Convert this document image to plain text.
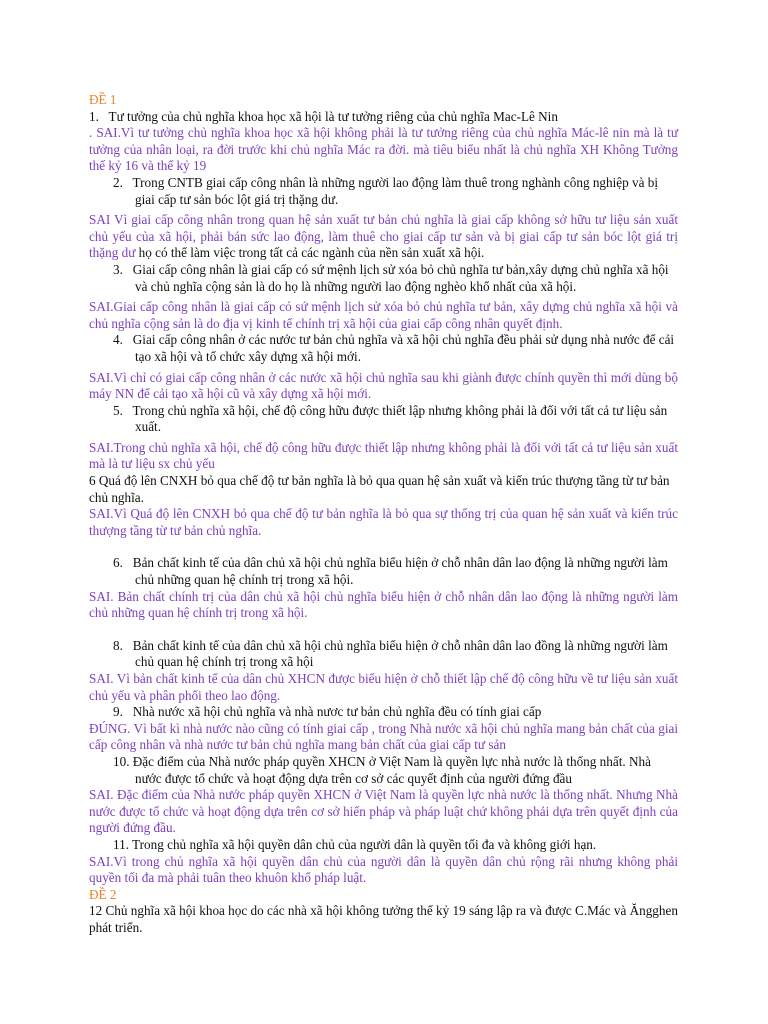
ĐỀ 1

1.   Tư tưởng của chủ nghĩa khoa học xã hội là tư tưởng riêng của chủ nghĩa Mac-Lê Nin

. SAI.Vì tư tưởng chủ nghĩa khoa học xã hội không phải là tư tưởng riêng của chủ nghĩa Mác-lê nin mà là tư tưởng của nhân loại, ra đời trước khi chủ nghĩa Mác ra đời. mà tiêu biểu nhất là chủ nghĩa XH Không Tưởng thế kỷ 16 và thế kỷ 19

2.   Trong CNTB giai cấp công nhân là những người lao động làm thuê trong nghành công nghiệp và bị giai cấp tư sản bóc lột giá trị thặng dư.

SAI Vì giai cấp công nhân trong quan hệ sản xuất tư bản chủ nghĩa là giai cấp không sở hữu tư liệu sản xuất chủ yếu của xã hội, phải bán sức lao động, làm thuê cho giai cấp tư sản và bị giai cấp tư sản bóc lột giá trị thặng dư họ có thể làm việc trong tất cả các ngành của nền sản xuất xã hội.

3.   Giai cấp công nhân là giai cấp có sứ mệnh lịch sử xóa bỏ chủ nghĩa tư bản,xây dựng chủ nghĩa xã hội và chủ nghĩa cộng sản là do họ là những người lao động nghèo khổ nhất của xã hội.

SAI.Giai cấp công nhân là giai cấp có sứ mệnh lịch sử xóa bỏ chủ nghĩa tư bản, xây dựng chủ nghĩa xã hội và chủ nghĩa cộng sản là do địa vị kinh tế chính trị xã hội của giai cấp công nhân quyết định.

4.   Giai cấp công nhân ở các nước tư bản chủ nghĩa và xã hội chủ nghĩa đều phải sử dụng nhà nước để cải tạo xã hội và tổ chức xây dựng xã hội mới.

SAI.Vì chỉ có giai cấp công nhân ở các nước xã hội chủ nghĩa sau khi giành được chính quyền thì mới dùng bộ máy NN để cải tạo xã hội cũ và xây dựng xã hội mới.

5.   Trong chủ nghĩa xã hội, chế độ công hữu được thiết lập nhưng không phải là đối với tất cả tư liệu sản xuất.

SAI.Trong chủ nghĩa xã hội, chế độ công hữu được thiết lập nhưng không phải là đối với tất cả tư liệu sản xuất mà là tư liệu sx chủ yếu

6 Quá độ lên CNXH bỏ qua chế độ tư bản nghĩa là bỏ qua quan hệ sản xuất và kiến trúc thượng tầng từ tư bản chủ nghĩa.

SAI.Vì Quá độ lên CNXH bỏ qua chế độ tư bản nghĩa là bỏ qua sự thống trị của quan hệ sản xuất và kiến trúc thượng tầng từ tư bản chủ nghĩa.

6.   Bản chất kinh tế của dân chủ xã hội chủ nghĩa biểu hiện ở chỗ nhân dân lao động là những người làm chủ những quan hệ chính trị trong xã hội.

SAI. Bản chất chính trị của dân chủ xã hội chủ nghĩa biểu hiện ở chỗ nhân dân lao động là những người làm chủ những quan hệ chính trị trong xã hội.

8.   Bản chất kinh tế của dân chủ xã hội chủ nghĩa biểu hiện ở chỗ nhân dân lao đồng là những người làm chủ quan hệ chính trị trong xã hội

SAI. Vì bản chất kinh tế của dân chủ XHCN được biểu hiện ở chỗ thiết lập chế độ công hữu về tư liệu sản xuất chủ yếu và phân phối theo lao động.

9.   Nhà nước xã hội chủ nghĩa và nhà nươc tư bản chủ nghĩa đều có tính giai cấp

ĐÚNG. Vì bất kì nhà nước nào cũng có tính giai cấp , trong Nhà nước xã hội chủ nghĩa mang bản chất của giai cấp công nhân và nhà nước tư bản chủ nghĩa mang bản chất của giai cấp tư sản

10. Đặc điểm của Nhà nước pháp quyền XHCN ở Việt Nam là quyền lực nhà nước là thống nhất. Nhà nước được tổ chức và hoạt động dựa trên cơ sở các quyết định của người đứng đầu

SAI. Đặc điểm của Nhà nước pháp quyền XHCN ở Việt Nam là quyền lực nhà nước là thống nhất. Nhưng Nhà nước được tổ chức và hoạt động dựa trên cơ sở hiến pháp và pháp luật chứ không phải dựa trên quyết định của người đứng đầu.

11. Trong chủ nghĩa xã hội quyền dân chủ của người dân là quyền tối đa và không giới hạn.

SAI.Vì trong chủ nghĩa xã hội quyền dân chủ của người dân là quyền dân chủ rộng rãi nhưng không phải quyền tối đa mà phải tuân theo khuôn khổ pháp luật.

ĐỀ 2

12 Chủ nghĩa xã hội khoa học do các nhà xã hội không tưởng thế kỷ 19 sáng lập ra và được C.Mác và Ăngghen phát triển.
